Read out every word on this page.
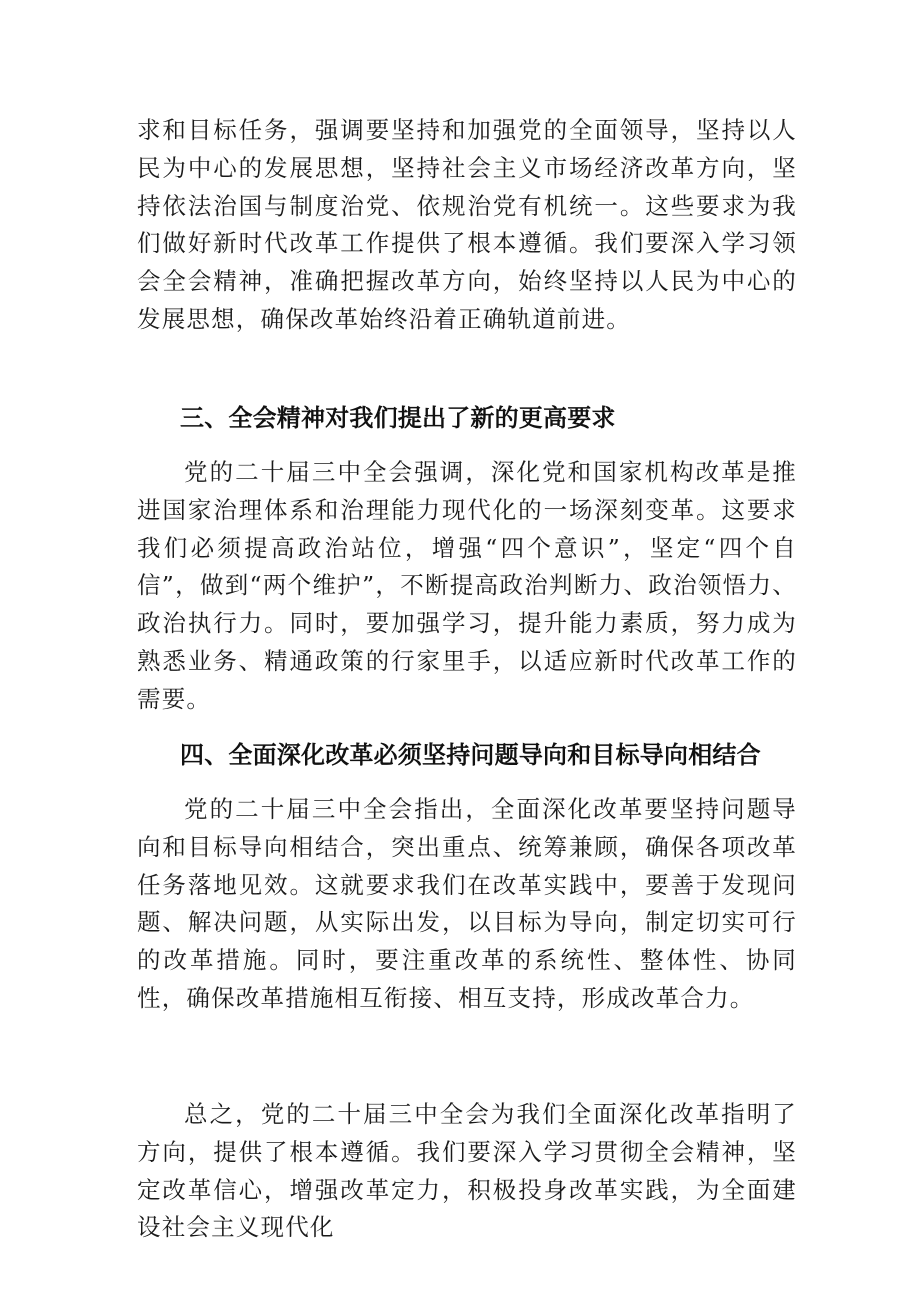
求和目标任务，强调要坚持和加强党的全面领导，坚持以人民为中心的发展思想，坚持社会主义市场经济改革方向，坚持依法治国与制度治党、依规治党有机统一。这些要求为我们做好新时代改革工作提供了根本遵循。我们要深入学习领会全会精神，准确把握改革方向，始终坚持以人民为中心的发展思想，确保改革始终沿着正确轨道前进。

三、全会精神对我们提出了新的更高要求

党的二十届三中全会强调，深化党和国家机构改革是推进国家治理体系和治理能力现代化的一场深刻变革。这要求我们必须提高政治站位，增强“四个意识”，坚定“四个自信”，做到“两个维护”，不断提高政治判断力、政治领悟力、政治执行力。同时，要加强学习，提升能力素质，努力成为熟悉业务、精通政策的行家里手，以适应新时代改革工作的需要。

四、全面深化改革必须坚持问题导向和目标导向相结合

党的二十届三中全会指出，全面深化改革要坚持问题导向和目标导向相结合，突出重点、统筹兼顾，确保各项改革任务落地见效。这就要求我们在改革实践中，要善于发现问题、解决问题，从实际出发，以目标为导向，制定切实可行的改革措施。同时，要注重改革的系统性、整体性、协同性，确保改革措施相互衔接、相互支持，形成改革合力。

总之，党的二十届三中全会为我们全面深化改革指明了方向，提供了根本遵循。我们要深入学习贯彻全会精神，坚定改革信心，增强改革定力，积极投身改革实践，为全面建设社会主义现代化
